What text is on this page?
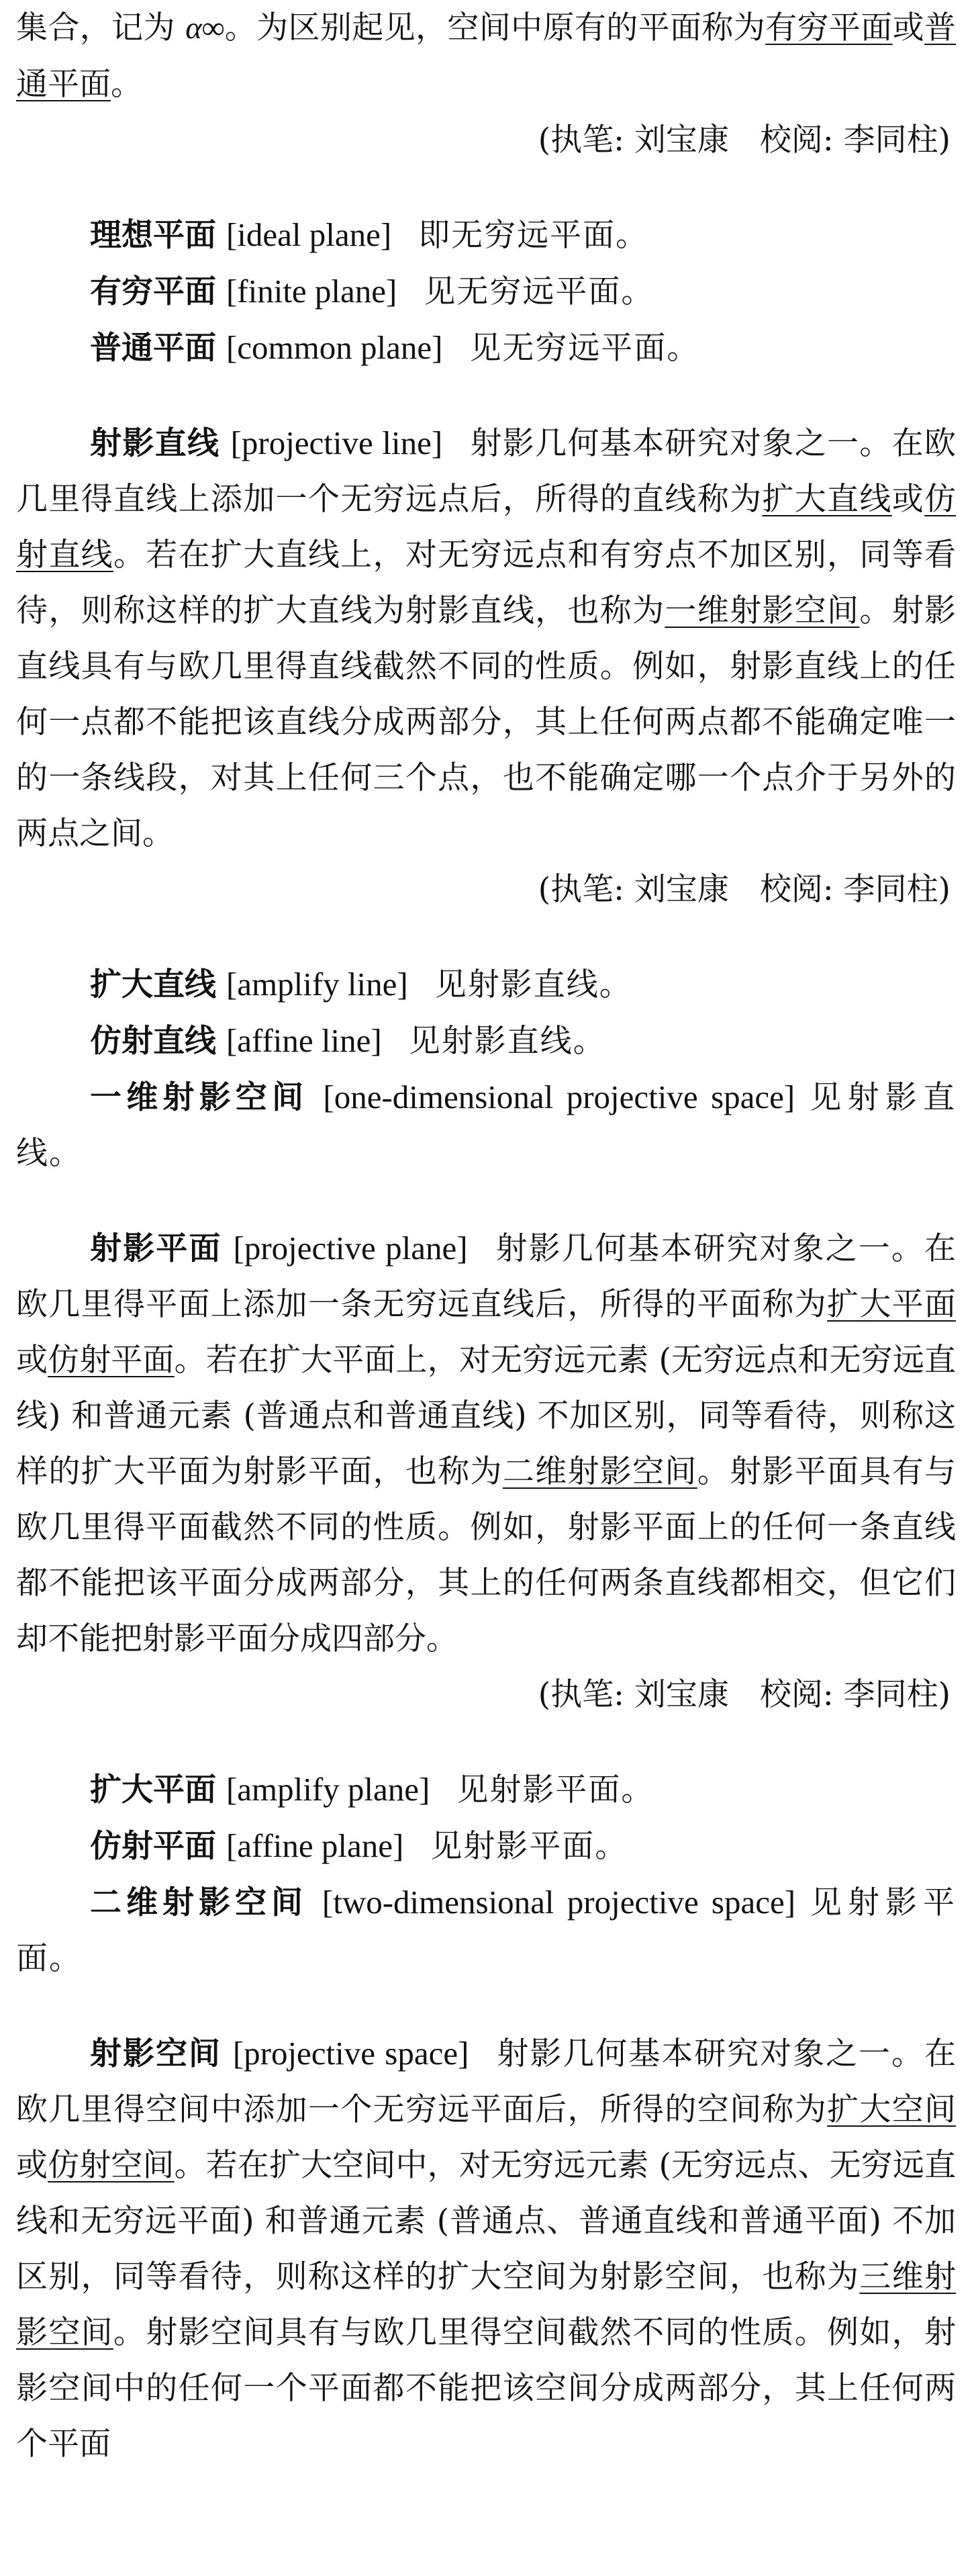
集合，记为 α∞。为区别起见，空间中原有的平面称为有穷平面或普通平面。

(执笔: 刘宝康 校阅: 李同柱)

理想平面 [ideal plane] 即无穷远平面。

有穷平面 [finite plane] 见无穷远平面。

普通平面 [common plane] 见无穷远平面。

射影直线 [projective line] 射影几何基本研究对象之一。在欧几里得直线上添加一个无穷远点后，所得的直线称为扩大直线或仿射直线。若在扩大直线上，对无穷远点和有穷点不加区别，同等看待，则称这样的扩大直线为射影直线，也称为一维射影空间。射影直线具有与欧几里得直线截然不同的性质。例如，射影直线上的任何一点都不能把该直线分成两部分，其上任何两点都不能确定唯一的一条线段，对其上任何三个点，也不能确定哪一个点介于另外的两点之间。

(执笔: 刘宝康 校阅: 李同柱)

扩大直线 [amplify line] 见射影直线。

仿射直线 [affine line] 见射影直线。

一维射影空间 [one-dimensional projective space] 见射影直线。

射影平面 [projective plane] 射影几何基本研究对象之一。在欧几里得平面上添加一条无穷远直线后，所得的平面称为扩大平面或仿射平面。若在扩大平面上，对无穷远元素 (无穷远点和无穷远直线) 和普通元素 (普通点和普通直线) 不加区别，同等看待，则称这样的扩大平面为射影平面，也称为二维射影空间。射影平面具有与欧几里得平面截然不同的性质。例如，射影平面上的任何一条直线都不能把该平面分成两部分，其上的任何两条直线都相交，但它们却不能把射影平面分成四部分。

(执笔: 刘宝康 校阅: 李同柱)

扩大平面 [amplify plane] 见射影平面。

仿射平面 [affine plane] 见射影平面。

二维射影空间 [two-dimensional projective space] 见射影平面。

射影空间 [projective space] 射影几何基本研究对象之一。在欧几里得空间中添加一个无穷远平面后，所得的空间称为扩大空间或仿射空间。若在扩大空间中，对无穷远元素 (无穷远点、无穷远直线和无穷远平面) 和普通元素 (普通点、普通直线和普通平面) 不加区别，同等看待，则称这样的扩大空间为射影空间，也称为三维射影空间。射影空间具有与欧几里得空间截然不同的性质。例如，射影空间中的任何一个平面都不能把该空间分成两部分，其上任何两个平面
